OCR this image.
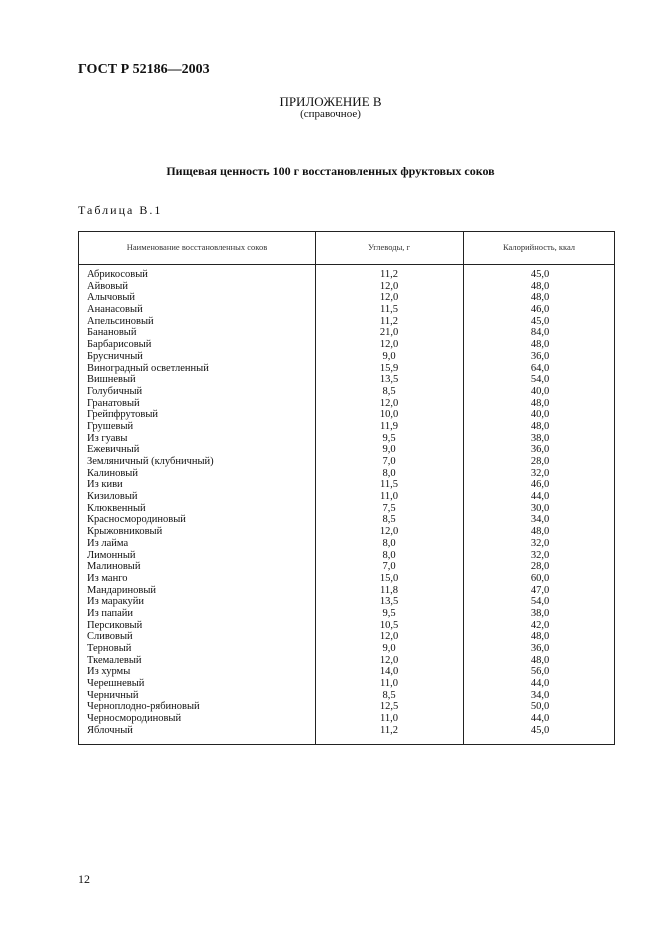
ГОСТ Р 52186—2003
ПРИЛОЖЕНИЕ В
(справочное)
Пищевая ценность 100 г восстановленных фруктовых соков
Таблица В.1
Наименование восстановленных соков	Углеводы, г	Калорийность, ккал
Абрикосовый	11,2	45,0
Айвовый	12,0	48,0
Алычовый	12,0	48,0
Ананасовый	11,5	46,0
Апельсиновый	11,2	45,0
Банановый	21,0	84,0
Барбарисовый	12,0	48,0
Брусничный	9,0	36,0
Виноградный осветленный	15,9	64,0
Вишневый	13,5	54,0
Голубичный	8,5	40,0
Гранатовый	12,0	48,0
Грейпфрутовый	10,0	40,0
Грушевый	11,9	48,0
Из гуавы	9,5	38,0
Ежевичный	9,0	36,0
Земляничный (клубничный)	7,0	28,0
Калиновый	8,0	32,0
Из киви	11,5	46,0
Кизиловый	11,0	44,0
Клюквенный	7,5	30,0
Красносмородиновый	8,5	34,0
Крыжовниковый	12,0	48,0
Из лайма	8,0	32,0
Лимонный	8,0	32,0
Малиновый	7,0	28,0
Из манго	15,0	60,0
Мандариновый	11,8	47,0
Из маракуйи	13,5	54,0
Из папайи	9,5	38,0
Персиковый	10,5	42,0
Сливовый	12,0	48,0
Терновый	9,0	36,0
Ткемалевый	12,0	48,0
Из хурмы	14,0	56,0
Черешневый	11,0	44,0
Черничный	8,5	34,0
Черноплодно-рябиновый	12,5	50,0
Черносмородиновый	11,0	44,0
Яблочный	11,2	45,0
12
